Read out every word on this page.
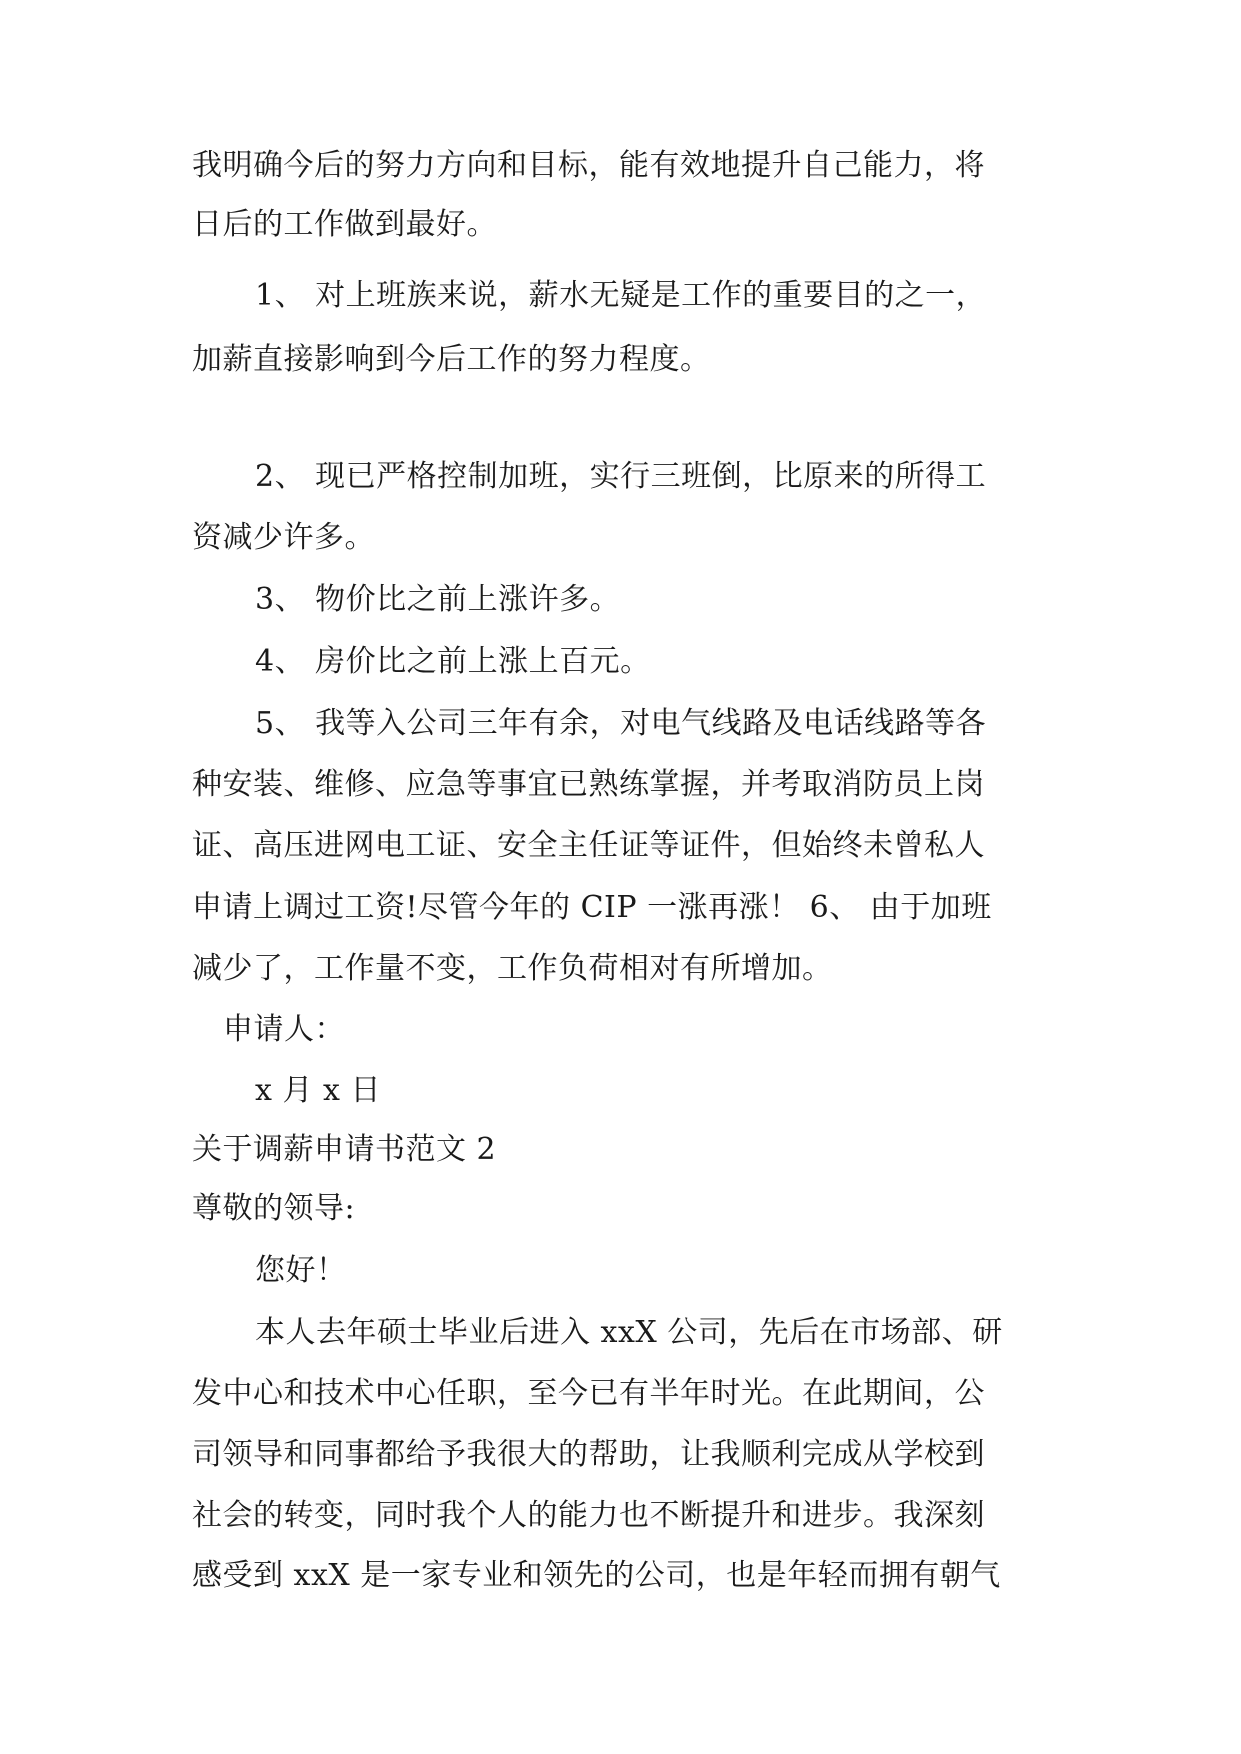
我明确今后的努力方向和目标，能有效地提升自己能力，将
日后的工作做到最好。
1、 对上班族来说，薪水无疑是工作的重要目的之一，
加薪直接影响到今后工作的努力程度。
2、 现已严格控制加班，实行三班倒，比原来的所得工
资减少许多。
3、 物价比之前上涨许多。
4、 房价比之前上涨上百元。
5、 我等入公司三年有余，对电气线路及电话线路等各
种安装、维修、应急等事宜已熟练掌握，并考取消防员上岗
证、高压进网电工证、安全主任证等证件，但始终未曾私人
申请上调过工资!尽管今年的 CIP 一涨再涨！ 6、 由于加班
减少了，工作量不变，工作负荷相对有所增加。
申请人：
x 月 x 日
关于调薪申请书范文 2
尊敬的领导:
您好！
本人去年硕士毕业后进入 xxX 公司，先后在市场部、研
发中心和技术中心任职，至今已有半年时光。在此期间，公
司领导和同事都给予我很大的帮助，让我顺利完成从学校到
社会的转变，同时我个人的能力也不断提升和进步。我深刻
感受到 xxX 是一家专业和领先的公司，也是年轻而拥有朝气
